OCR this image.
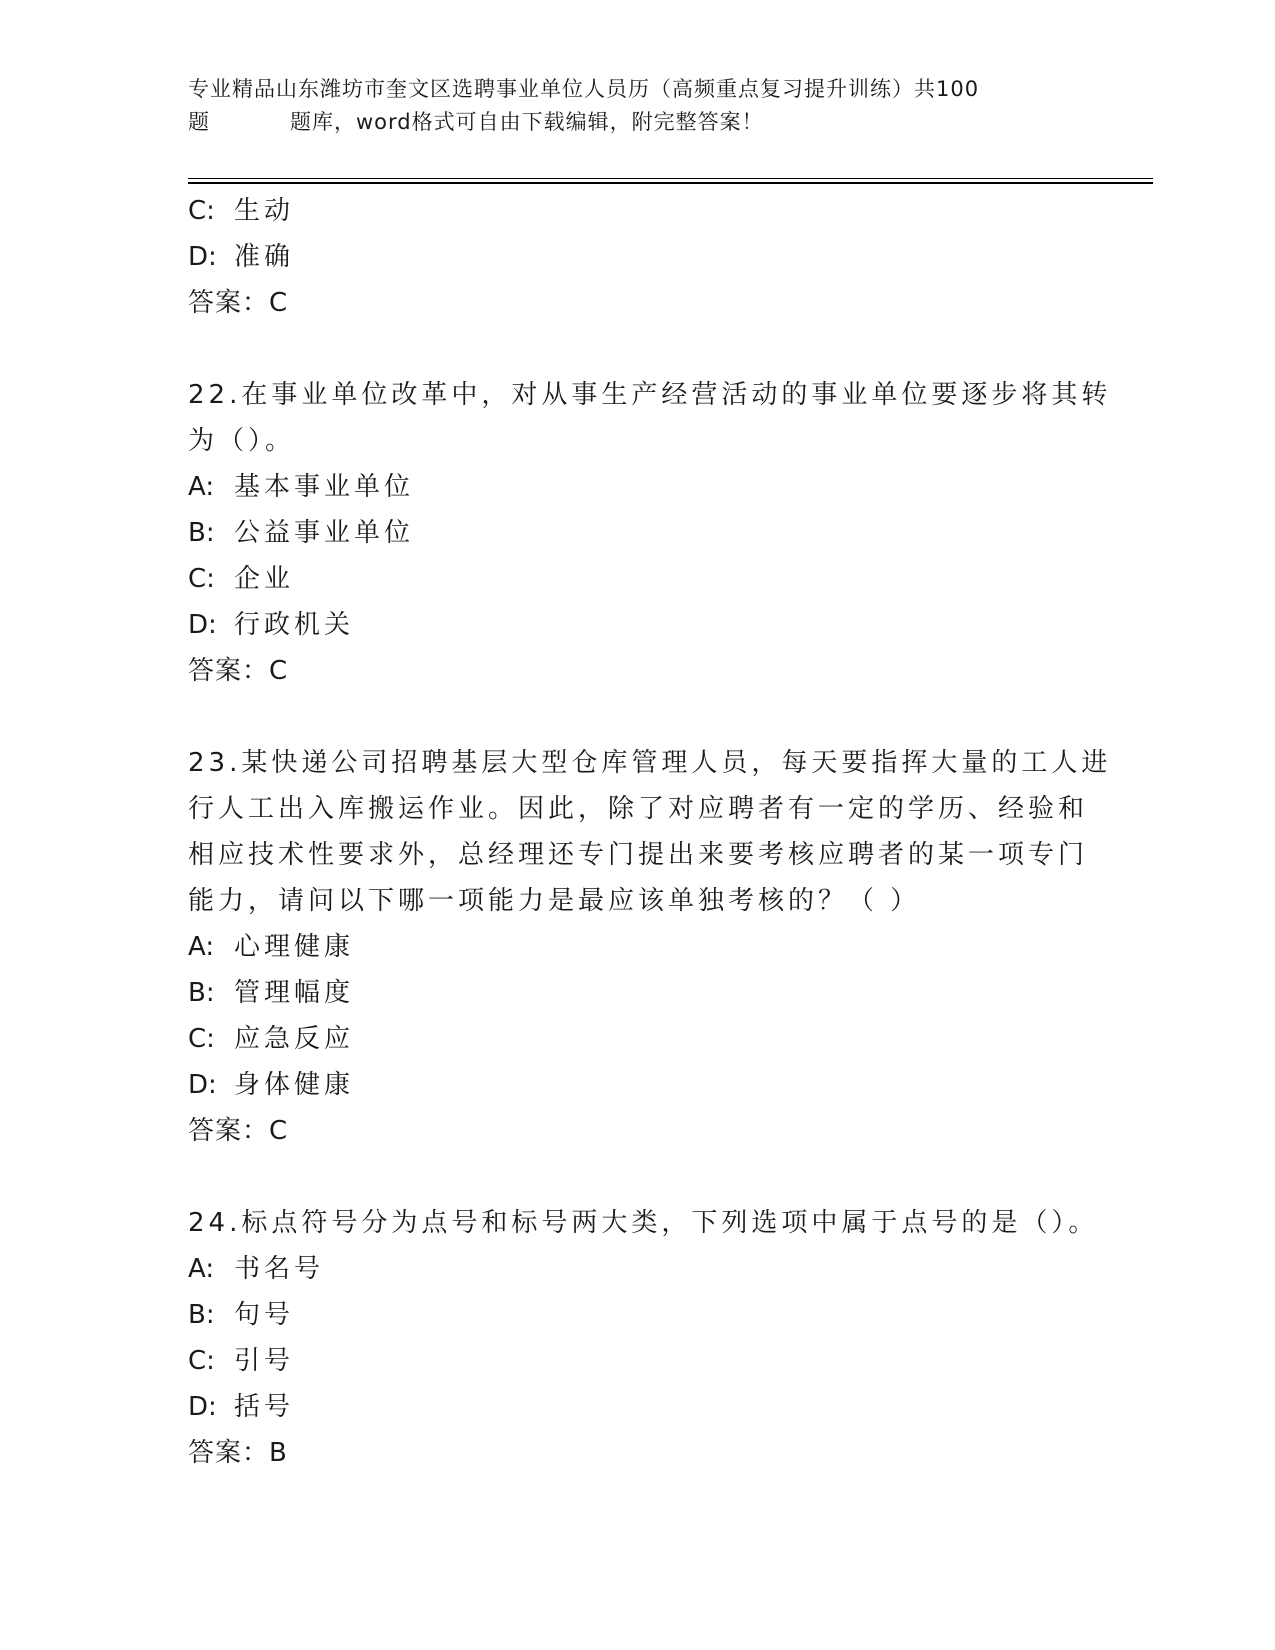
专业精品山东潍坊市奎文区选聘事业单位人员历（高频重点复习提升训练）共100
题	题库，word格式可自由下载编辑，附完整答案！
C: 生动
D: 准确
答案：C
22.在事业单位改革中，对从事生产经营活动的事业单位要逐步将其转
为（）。
A: 基本事业单位
B: 公益事业单位
C: 企业
D: 行政机关
答案：C
23.某快递公司招聘基层大型仓库管理人员，每天要指挥大量的工人进
行人工出入库搬运作业。因此，除了对应聘者有一定的学历、经验和
相应技术性要求外，总经理还专门提出来要考核应聘者的某一项专门
能力，请问以下哪一项能力是最应该单独考核的？（ ）
A: 心理健康
B: 管理幅度
C: 应急反应
D: 身体健康
答案：C
24.标点符号分为点号和标号两大类，下列选项中属于点号的是（）。
A: 书名号
B: 句号
C: 引号
D: 括号
答案：B
